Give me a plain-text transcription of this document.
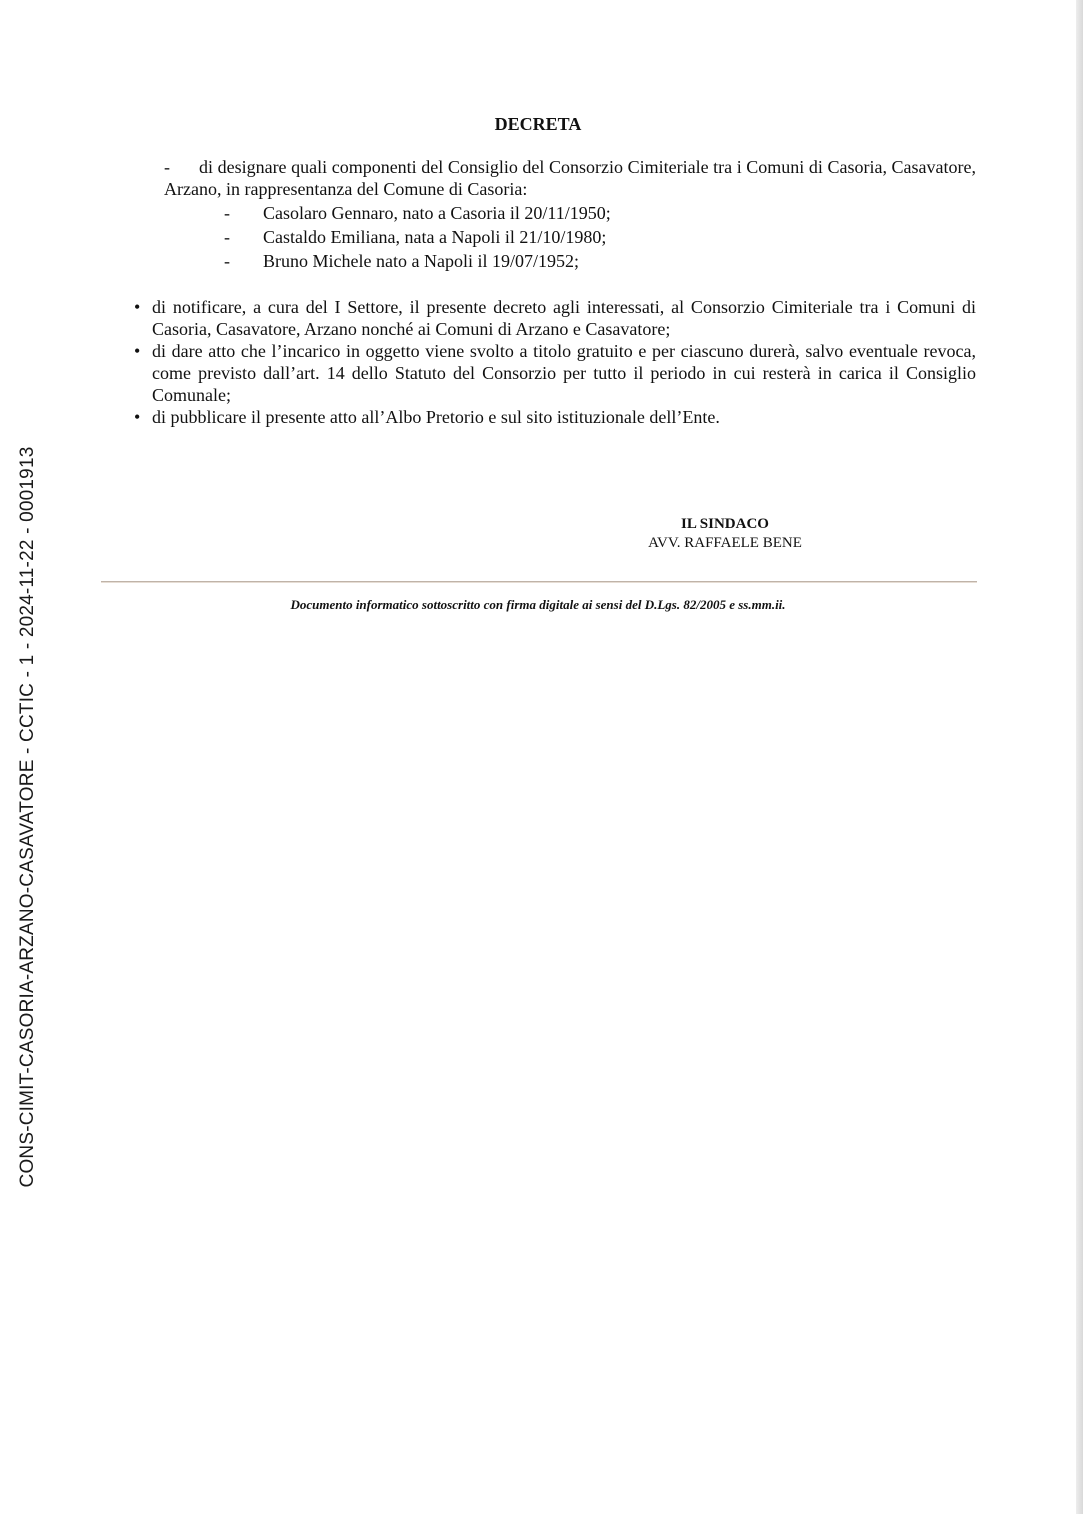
CONS-CIMIT-CASORIA-ARZANO-CASAVATORE - CCTIC - 1 - 2024-11-22 - 0001913
DECRETA
- di designare quali componenti del Consiglio del Consorzio Cimiteriale tra i Comuni di Casoria, Casavatore, Arzano, in rappresentanza del Comune di Casoria:
- Casolaro Gennaro, nato a Casoria il 20/11/1950;
- Castaldo Emiliana, nata a Napoli il 21/10/1980;
- Bruno Michele nato a Napoli il 19/07/1952;
• di notificare, a cura del I Settore, il presente decreto agli interessati, al Consorzio Cimiteriale tra i Comuni di Casoria, Casavatore, Arzano nonché ai Comuni di Arzano e Casavatore;
• di dare atto che l’incarico in oggetto viene svolto a titolo gratuito e per ciascuno durerà, salvo eventuale revoca, come previsto dall’art. 14 dello Statuto del Consorzio per tutto il periodo in cui resterà in carica il Consiglio Comunale;
• di pubblicare il presente atto all’Albo Pretorio e sul sito istituzionale dell’Ente.
IL SINDACO
AVV. RAFFAELE BENE
Documento informatico sottoscritto con firma digitale ai sensi del D.Lgs. 82/2005 e ss.mm.ii.
